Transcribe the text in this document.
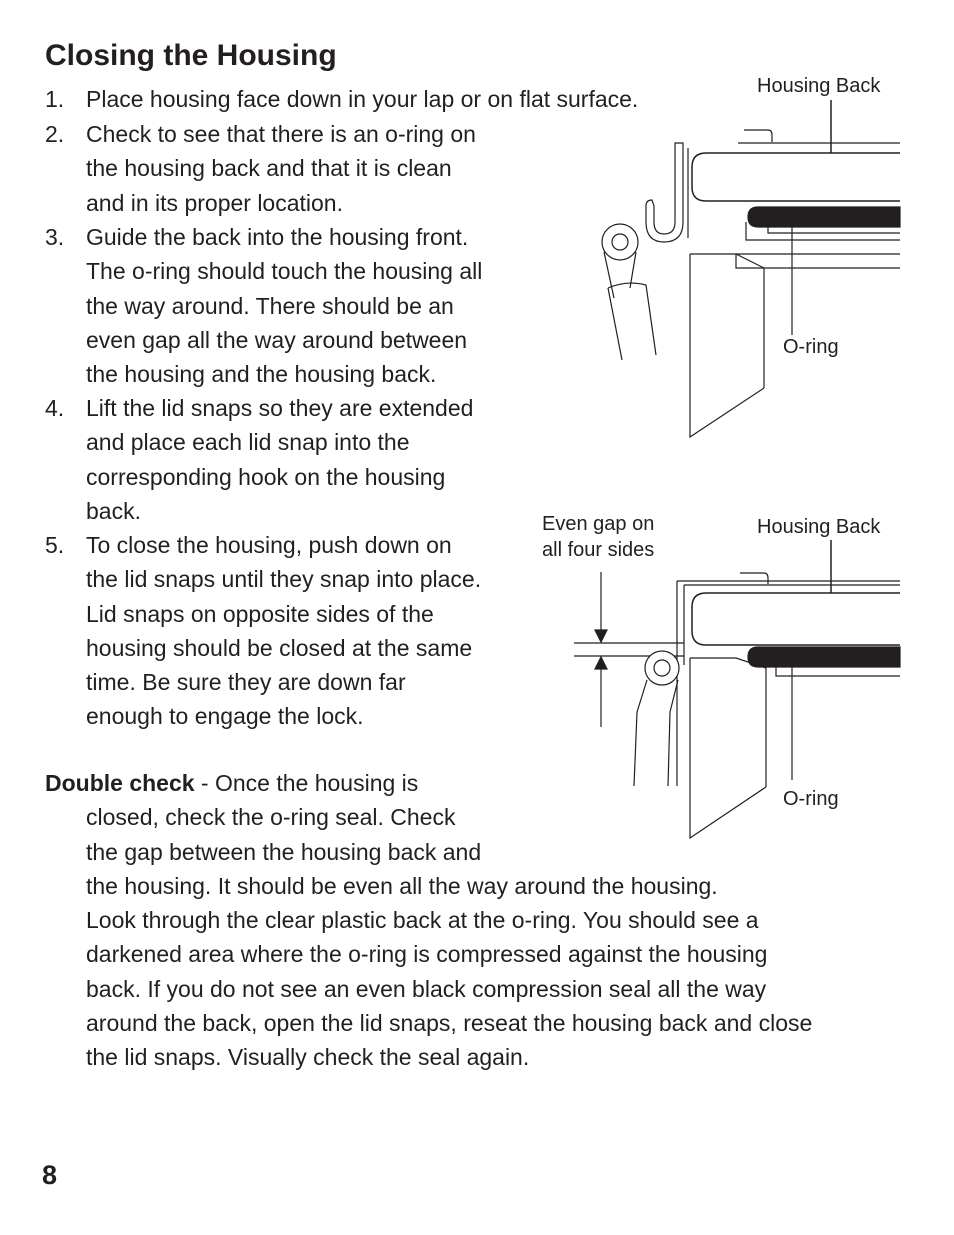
Closing the Housing
1. Place housing face down in your lap or on flat surface.
2. Check to see that there is an o-ring on
the housing back and that it is clean
and in its proper location.
3. Guide the back into the housing front.
The o-ring should touch the housing all
the way around. There should be an
even gap all the way around between
the housing and the housing back.
4. Lift the lid snaps so they are extended
and place each lid snap into the
corresponding hook on the housing
back.
5. To close the housing, push down on
the lid snaps until they snap into place.
Lid snaps on opposite sides of the
housing should be closed at the same
time. Be sure they are down far
enough to engage the lock.
Double check - Once the housing is
closed, check the o-ring seal. Check
the gap between the housing back and
the housing. It should be even all the way around the housing.
Look through the clear plastic back at the o-ring. You should see a
darkened area where the o-ring is compressed against the housing
back. If you do not see an even black compression seal all the way
around the back, open the lid snaps, reseat the housing back and close
the lid snaps. Visually check the seal again.
Housing Back
O-ring
Even gap on
all four sides
Housing Back
O-ring
8
